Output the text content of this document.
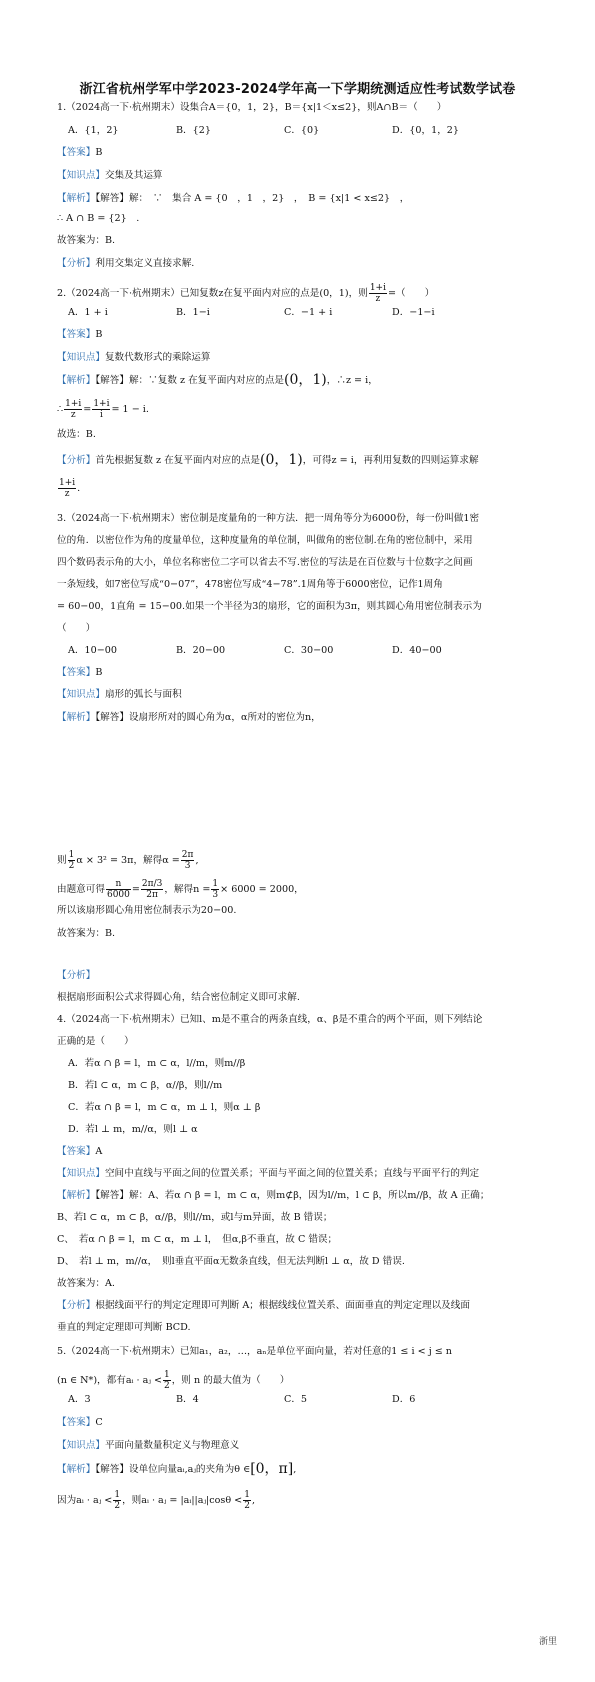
浙江省杭州学军中学2023-2024学年高一下学期统测适应性考试数学试卷
1.（2024高一下·杭州期末）设集合A＝{0，1，2}，B＝{x|1＜x≤2}，则A∩B＝（　　）
A．{1，2}	B．{2}	C．{0}	D．{0，1，2}
【答案】B
【知识点】交集及其运算
【解析】【解答】解：　∵　集合 A = {0　，1　，2}　，　B = {x|1 < x≤2}　，
∴ A ∩ B = {2}　.
故答案为：B.
【分析】利用交集定义直接求解.
2.（2024高一下·杭州期末）已知复数z在复平面内对应的点是(0，1)，则 $\frac{1+i}{z}$ =（　　）
A．1 + i	B．1−i	C．−1 + i	D．−1−i
【答案】B
【知识点】复数代数形式的乘除运算
【解析】【解答】解：∵复数 z 在复平面内对应的点是(0，1)，∴z = i，
∴ $\frac{1+i}{z} = \frac{1+i}{i} = 1 - i$.
故选：B.
【分析】首先根据复数 z 在复平面内对应的点是(0，1)，可得z = i，再利用复数的四则运算求解
$\frac{1+i}{z}$ .
3.（2024高一下·杭州期末）密位制是度量角的一种方法．把一周角等分为6000份，每一份叫做1密
位的角．以密位作为角的度量单位，这种度量角的单位制，叫做角的密位制.在角的密位制中，采用
四个数码表示角的大小，单位名称密位二字可以省去不写.密位的写法是在百位数与十位数字之间画
一条短线，如7密位写成“0−07”，478密位写成“4−78”.1周角等于6000密位，记作1周角
= 60−00，1直角 = 15−00.如果一个半径为3的扇形，它的面积为3π，则其圆心角用密位制表示为
（　　）
A．10−00	B．20−00	C．30−00	D．40−00
【答案】B
【知识点】扇形的弧长与面积
【解析】【解答】设扇形所对的圆心角为α，α所对的密位为n，
则 $\frac{1}{2}$ α × 3² = 3π，解得$\alpha = \frac{2\pi}{3}$ ,
由题意可得 $\frac{n}{6000} = \frac{2\pi/3}{2\pi}$ ，解得$n = \frac{1}{3} \times 6000 = 2000$，
所以该扇形圆心角用密位制表示为20−00.
故答案为：B.
【分析】
根据扇形面积公式求得圆心角，结合密位制定义即可求解.
4.（2024高一下·杭州期末）已知l、m是不重合的两条直线，α、β是不重合的两个平面，则下列结论
正确的是（　　）
A．若α ∩ β = l，m ⊂ α，l//m，则m//β
B．若l ⊂ α，m ⊂ β，α//β，则l//m
C．若α ∩ β = l，m ⊂ α，m ⊥ l，则α ⊥ β
D．若l ⊥ m，m//α，则l ⊥ α
【答案】A
【知识点】空间中直线与平面之间的位置关系；平面与平面之间的位置关系；直线与平面平行的判定
【解析】【解答】解：A、若α ∩ β = l，m ⊂ α，则m⊄β，因为l//m，l ⊂ β，所以m//β，故 A 正确；
B、若l ⊂ α，m ⊂ β，α//β，则l//m，或l与m异面，故 B 错误；
C、　若α ∩ β = l，m ⊂ α，m ⊥ l，　但α,β不垂直，故 C 错误；
D、　若l ⊥ m，m//α，　则l垂直平面α无数条直线，但无法判断l ⊥ α，故 D 错误.
故答案为：A.
【分析】根据线面平行的判定定理即可判断 A；根据线线位置关系、面面垂直的判定定理以及线面
垂直的判定定理即可判断 BCD.
5.（2024高一下·杭州期末）已知a₁，a₂，…，aₙ是单位平面向量，若对任意的1 ≤ i < j ≤ n
(n ∈ N*)，都有aᵢ · aⱼ < $\frac{1}{2}$ ，则 n 的最大值为（　　）
A．3	B．4	C．5	D．6
【答案】C
【知识点】平面向量数量积定义与物理意义
【解析】【解答】设单位向量aᵢ,aⱼ的夹角为θ ∈[0，π],
因为aᵢ · aⱼ < $\frac{1}{2}$ ，则aᵢ · aⱼ = |aᵢ||aⱼ|cosθ < $\frac{1}{2}$ ,
浙里
